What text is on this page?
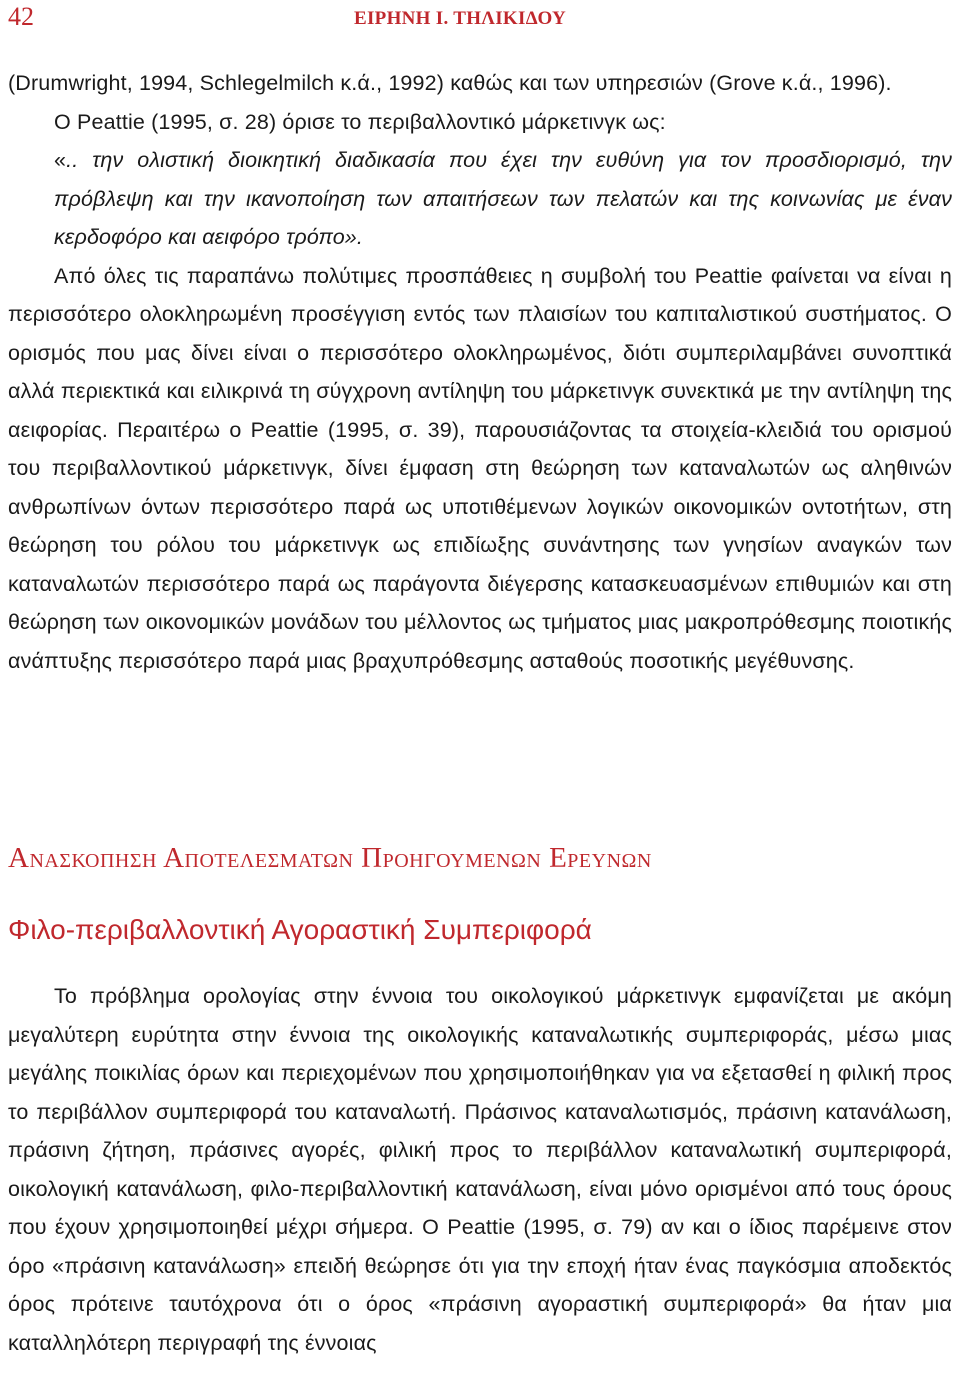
42	ΕΙΡΗΝΗ Ι. ΤΗΛΙΚΙΔΟΥ

(Drumwright, 1994, Schlegelmilch κ.ά., 1992) καθώς και των υπηρεσιών (Grove κ.ά., 1996).

O Peattie (1995, σ. 28) όρισε το περιβαλλοντικό μάρκετινγκ ως:

«.. την ολιστική διοικητική διαδικασία που έχει την ευθύνη για τον προσδιορισμό, την πρόβλεψη και την ικανοποίηση των απαιτήσεων των πελατών και της κοινωνίας με έναν κερδοφόρο και αειφόρο τρόπο».

Από όλες τις παραπάνω πολύτιμες προσπάθειες η συμβολή του Peattie φαίνεται να είναι η περισσότερο ολοκληρωμένη προσέγγιση εντός των πλαισίων του καπιταλιστικού συστήματος. Ο ορισμός που μας δίνει είναι ο περισσότερο ολοκληρωμένος, διότι συμπεριλαμβάνει συνοπτικά αλλά περιεκτικά και ειλικρινά τη σύγχρονη αντίληψη του μάρκετινγκ συνεκτικά με την αντίληψη της αειφορίας. Περαιτέρω ο Peattie (1995, σ. 39), παρουσιάζοντας τα στοιχεία-κλειδιά του ορισμού του περιβαλλοντικού μάρκετινγκ, δίνει έμφαση στη θεώρηση των καταναλωτών ως αληθινών ανθρωπίνων όντων περισσότερο παρά ως υποτιθέμενων λογικών οικονομικών οντοτήτων, στη θεώρηση του ρόλου του μάρκετινγκ ως επιδίωξης συνάντησης των γνησίων αναγκών των καταναλωτών περισσότερο παρά ως παράγοντα διέγερσης κατασκευασμένων επιθυμιών και στη θεώρηση των οικονομικών μονάδων του μέλλοντος ως τμήματος μιας μακροπρόθεσμης ποιοτικής ανάπτυξης περισσότερο παρά μιας βραχυπρόθεσμης ασταθούς ποσοτικής μεγέθυνσης.

Ανασκοπηση Αποτελεσματων Προηγουμενων Ερευνων
Φιλο-περιβαλλοντική Αγοραστική Συμπεριφορά

Το πρόβλημα ορολογίας στην έννοια του οικολογικού μάρκετινγκ εμφανίζεται με ακόμη μεγαλύτερη ευρύτητα στην έννοια της οικολογικής καταναλωτικής συμπεριφοράς, μέσω μιας μεγάλης ποικιλίας όρων και περιεχομένων που χρησιμοποιήθηκαν για να εξετασθεί η φιλική προς το περιβάλλον συμπεριφορά του καταναλωτή. Πράσινος καταναλωτισμός, πράσινη κατανάλωση, πράσινη ζήτηση, πράσινες αγορές, φιλική προς το περιβάλλον καταναλωτική συμπεριφορά, οικολογική κατανάλωση, φιλο-περιβαλλοντική κατανάλωση, είναι μόνο ορισμένοι από τους όρους που έχουν χρησιμοποιηθεί μέχρι σήμερα. Ο Peattie (1995, σ. 79) αν και ο ίδιος παρέμεινε στον όρο «πράσινη κατανάλωση» επειδή θεώρησε ότι για την εποχή ήταν ένας παγκόσμια αποδεκτός όρος πρότεινε ταυτόχρονα ότι ο όρος «πράσινη αγοραστική συμπεριφορά» θα ήταν μια καταλληλότερη περιγραφή της έννοιας
